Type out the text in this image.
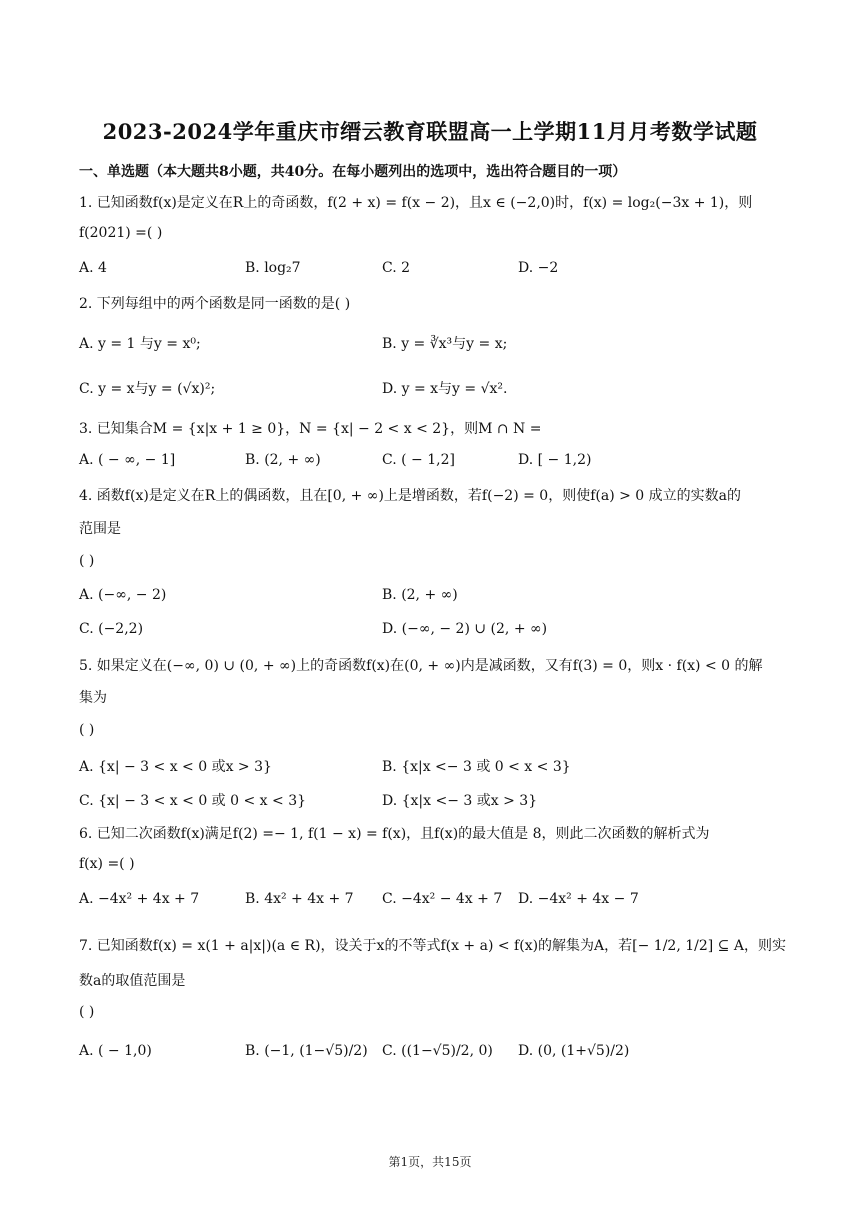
2023-2024学年重庆市缙云教育联盟高一上学期11月月考数学试题
一、单选题（本大题共8小题，共40分。在每小题列出的选项中，选出符合题目的一项）
1. 已知函数f(x)是定义在R上的奇函数，f(2 + x) = f(x − 2)，且x ∈ (−2,0)时，f(x) = log₂(−3x + 1)，则
f(2021) =( )
A. 4	B. log₂7	C. 2	D. −2
2. 下列每组中的两个函数是同一函数的是( )
A. y = 1 与y = x⁰;	B. y = ∛x³与y = x;
C. y = x与y = (√x)²;	D. y = x与y = √x².
3. 已知集合M = {x|x + 1 ≥ 0}，N = {x| − 2 < x < 2}，则M ∩ N =
A. ( − ∞, − 1]	B. (2, + ∞)	C. ( − 1,2]	D. [ − 1,2)
4. 函数f(x)是定义在R上的偶函数，且在[0, + ∞)上是增函数，若f(−2) = 0，则使f(a) > 0 成立的实数a的
范围是
( )
A. (−∞, − 2)	B. (2, + ∞)
C. (−2,2)	D. (−∞, − 2) ∪ (2, + ∞)
5. 如果定义在(−∞, 0) ∪ (0, + ∞)上的奇函数f(x)在(0, + ∞)内是减函数，又有f(3) = 0，则x · f(x) < 0 的解
集为
( )
A. {x| − 3 < x < 0 或x > 3}	B. {x|x <− 3 或 0 < x < 3}
C. {x| − 3 < x < 0 或 0 < x < 3}	D. {x|x <− 3 或x > 3}
6. 已知二次函数f(x)满足f(2) =− 1, f(1 − x) = f(x)，且f(x)的最大值是 8，则此二次函数的解析式为
f(x) =( )
A. −4x² + 4x + 7	B. 4x² + 4x + 7 C. −4x² − 4x + 7 D. −4x² + 4x − 7
7. 已知函数f(x) = x(1 + a|x|)(a ∈ R)，设关于x的不等式f(x + a) < f(x)的解集为A，若[− 1/2, 1/2] ⊆ A，则实
数a的取值范围是
( )
A. ( − 1,0)	B. (−1, (1−√5)/2) C. ((1−√5)/2, 0) D. (0, (1+√5)/2)
第1页，共15页
